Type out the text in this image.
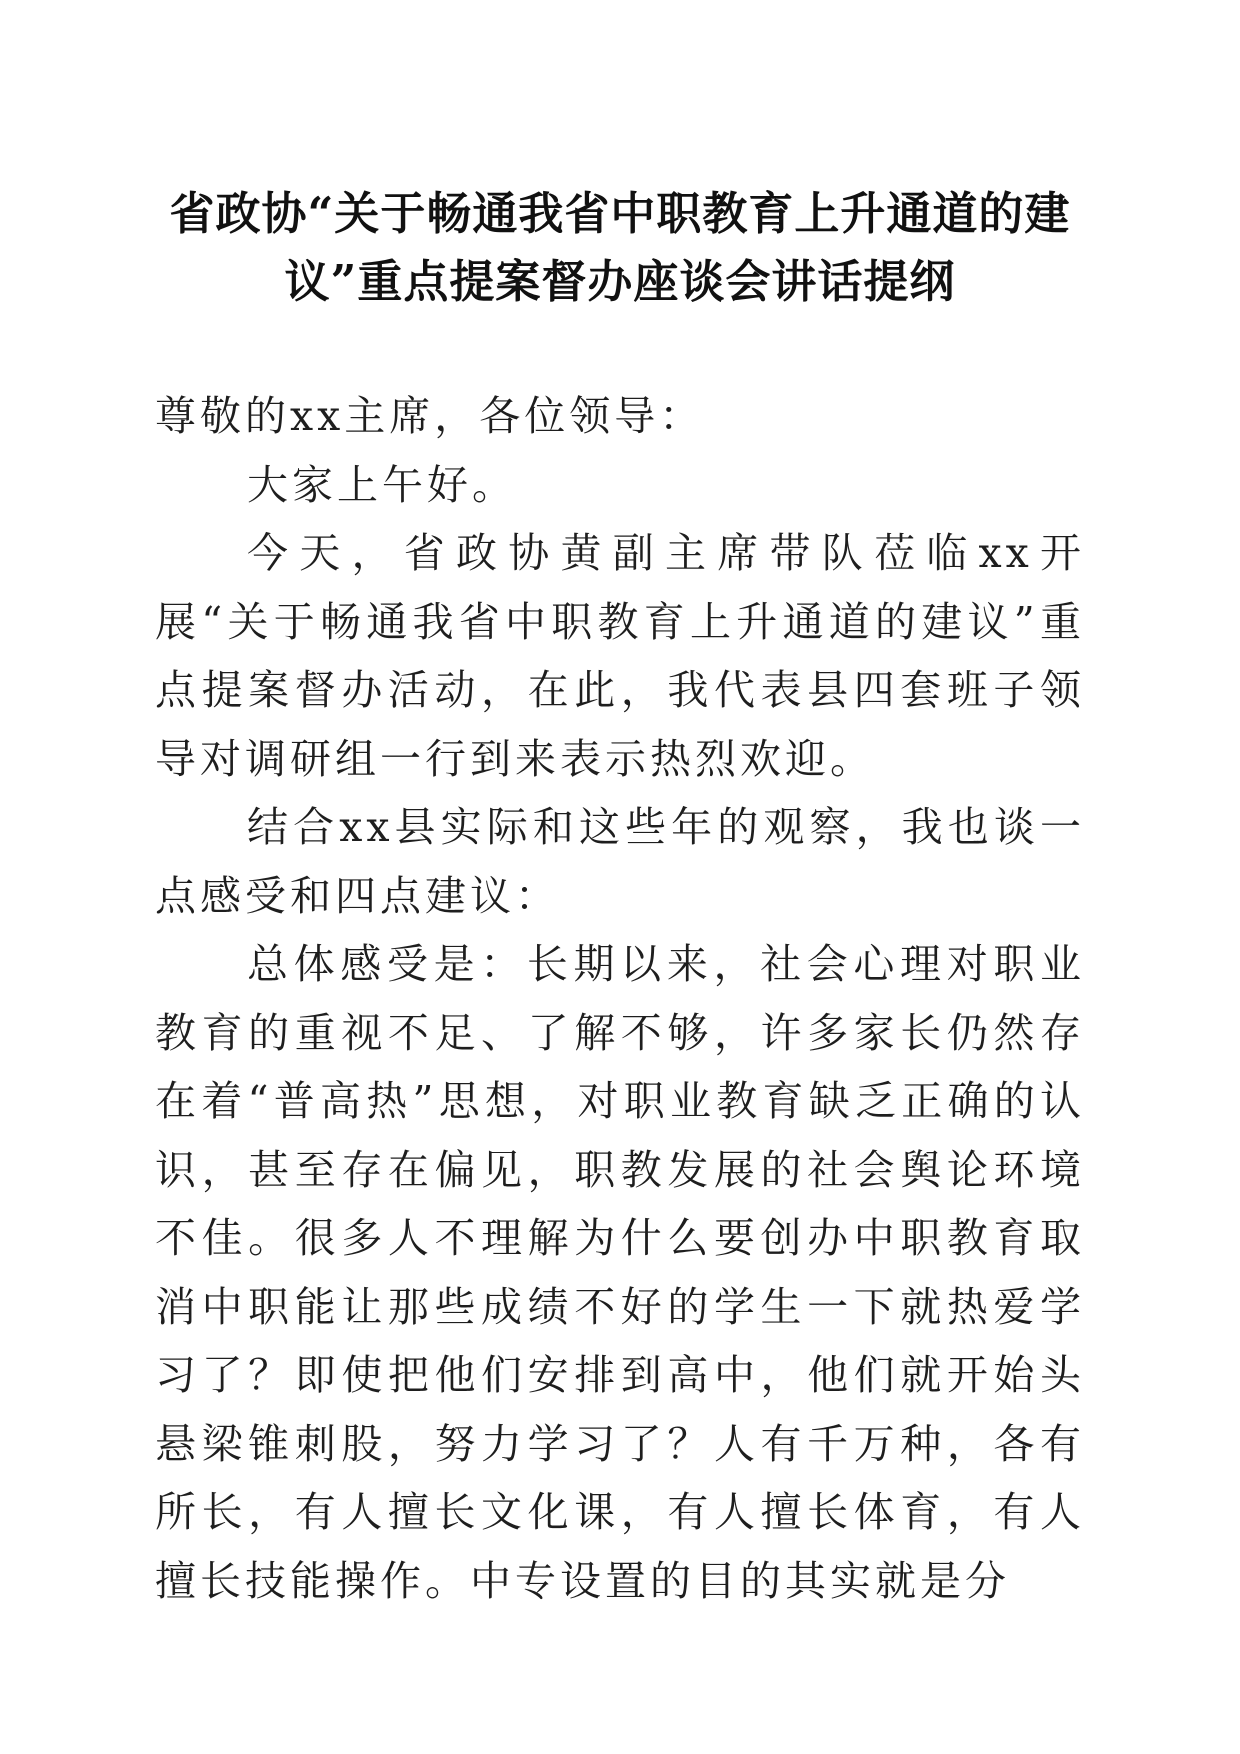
省政协“关于畅通我省中职教育上升通道的建议”重点提案督办座谈会讲话提纲

尊敬的xx主席，各位领导：

大家上午好。

今天，省政协黄副主席带队莅临xx开展“关于畅通我省中职教育上升通道的建议”重点提案督办活动，在此，我代表县四套班子领导对调研组一行到来表示热烈欢迎。

结合xx县实际和这些年的观察，我也谈一点感受和四点建议：

总体感受是：长期以来，社会心理对职业教育的重视不足、了解不够，许多家长仍然存在着“普高热”思想，对职业教育缺乏正确的认识，甚至存在偏见，职教发展的社会舆论环境不佳。很多人不理解为什么要创办中职教育取消中职能让那些成绩不好的学生一下就热爱学习了？即使把他们安排到高中，他们就开始头悬梁锥刺股，努力学习了？人有千万种，各有所长，有人擅长文化课，有人擅长体育，有人擅长技能操作。中专设置的目的其实就是分
